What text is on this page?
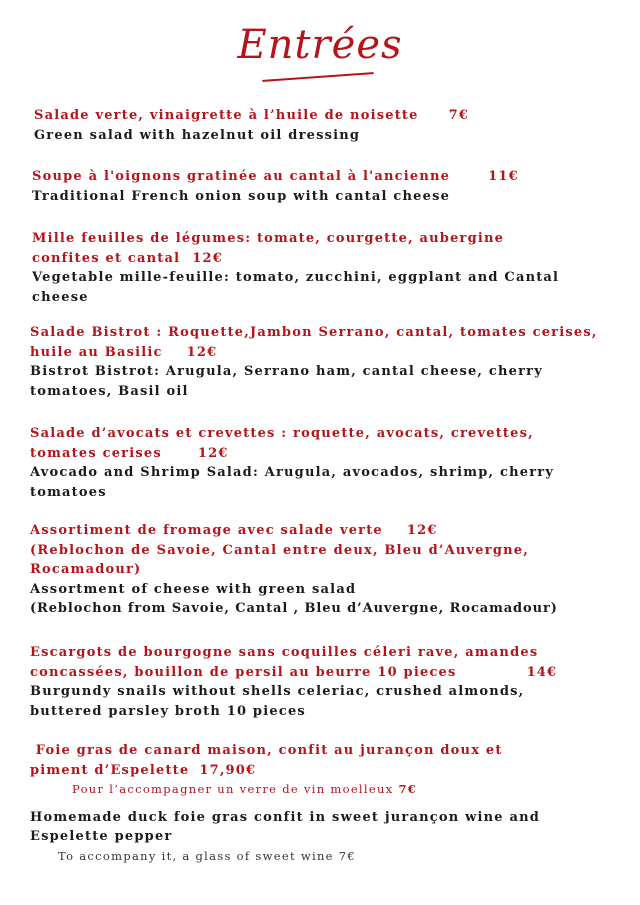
Entrées
Salade verte, vinaigrette à l’huile de noisette 7€
Green salad with hazelnut oil dressing
Soupe à l'oignons gratinée au cantal à l'ancienne	11€
Traditional French onion soup with cantal cheese
Mille feuilles de légumes: tomate, courgette, aubergine
confites et cantal 12€
Vegetable mille-feuille: tomato, zucchini, eggplant and Cantal
cheese
Salade Bistrot : Roquette,Jambon Serrano, cantal, tomates cerises,
huile au Basilic 12€
Bistrot Bistrot: Arugula, Serrano ham, cantal cheese, cherry
tomatoes, Basil oil
Salade d’avocats et crevettes : roquette, avocats, crevettes,
tomates cerises	12€
Avocado and Shrimp Salad: Arugula, avocados, shrimp, cherry
tomatoes
Assortiment de fromage avec salade verte 12€
(Reblochon de Savoie, Cantal entre deux, Bleu d’Auvergne,
Rocamadour)
Assortment of cheese with green salad
(Reblochon from Savoie, Cantal , Bleu d’Auvergne, Rocamadour)
Escargots de bourgogne sans coquilles céleri rave, amandes
concassées, bouillon de persil au beurre 10 pieces	14€
Burgundy snails without shells celeriac, crushed almonds,
buttered parsley broth 10 pieces
Foie gras de canard maison, confit au jurançon doux et
piment d’Espelette 17,90€
Pour l’accompagner un verre de vin moelleux 7€
Homemade duck foie gras confit in sweet jurançon wine and
Espelette pepper
To accompany it, a glass of sweet wine 7€
